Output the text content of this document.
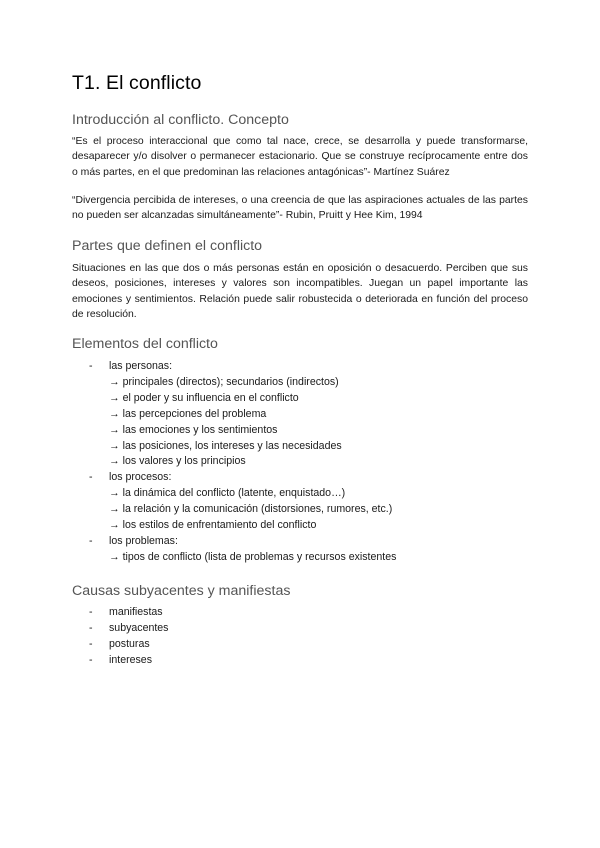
T1. El conflicto
Introducción al conflicto. Concepto

“Es el proceso interaccional que como tal nace, crece, se desarrolla y puede transformarse, desaparecer y/o disolver o permanecer estacionario. Que se construye recíprocamente entre dos o más partes, en el que predominan las relaciones antagónicas”- Martínez Suárez

“Divergencia percibida de intereses, o una creencia de que las aspiraciones actuales de las partes no pueden ser alcanzadas simultáneamente”- Rubin, Pruitt y Hee Kim, 1994

Partes que definen el conflicto

Situaciones en las que dos o más personas están en oposición o desacuerdo. Perciben que sus deseos, posiciones, intereses y valores son incompatibles. Juegan un papel importante las emociones y sentimientos. Relación puede salir robustecida o deteriorada en función del proceso de resolución.

Elementos del conflicto
- las personas:
→ principales (directos); secundarios (indirectos)
→ el poder y su influencia en el conflicto
→ las percepciones del problema
→ las emociones y los sentimientos
→ las posiciones, los intereses y las necesidades
→ los valores y los principios
- los procesos:
→ la dinámica del conflicto (latente, enquistado…)
→ la relación y la comunicación (distorsiones, rumores, etc.)
→ los estilos de enfrentamiento del conflicto
- los problemas:
→ tipos de conflicto (lista de problemas y recursos existentes
Causas subyacentes y manifiestas
- manifiestas
- subyacentes
- posturas
- intereses
